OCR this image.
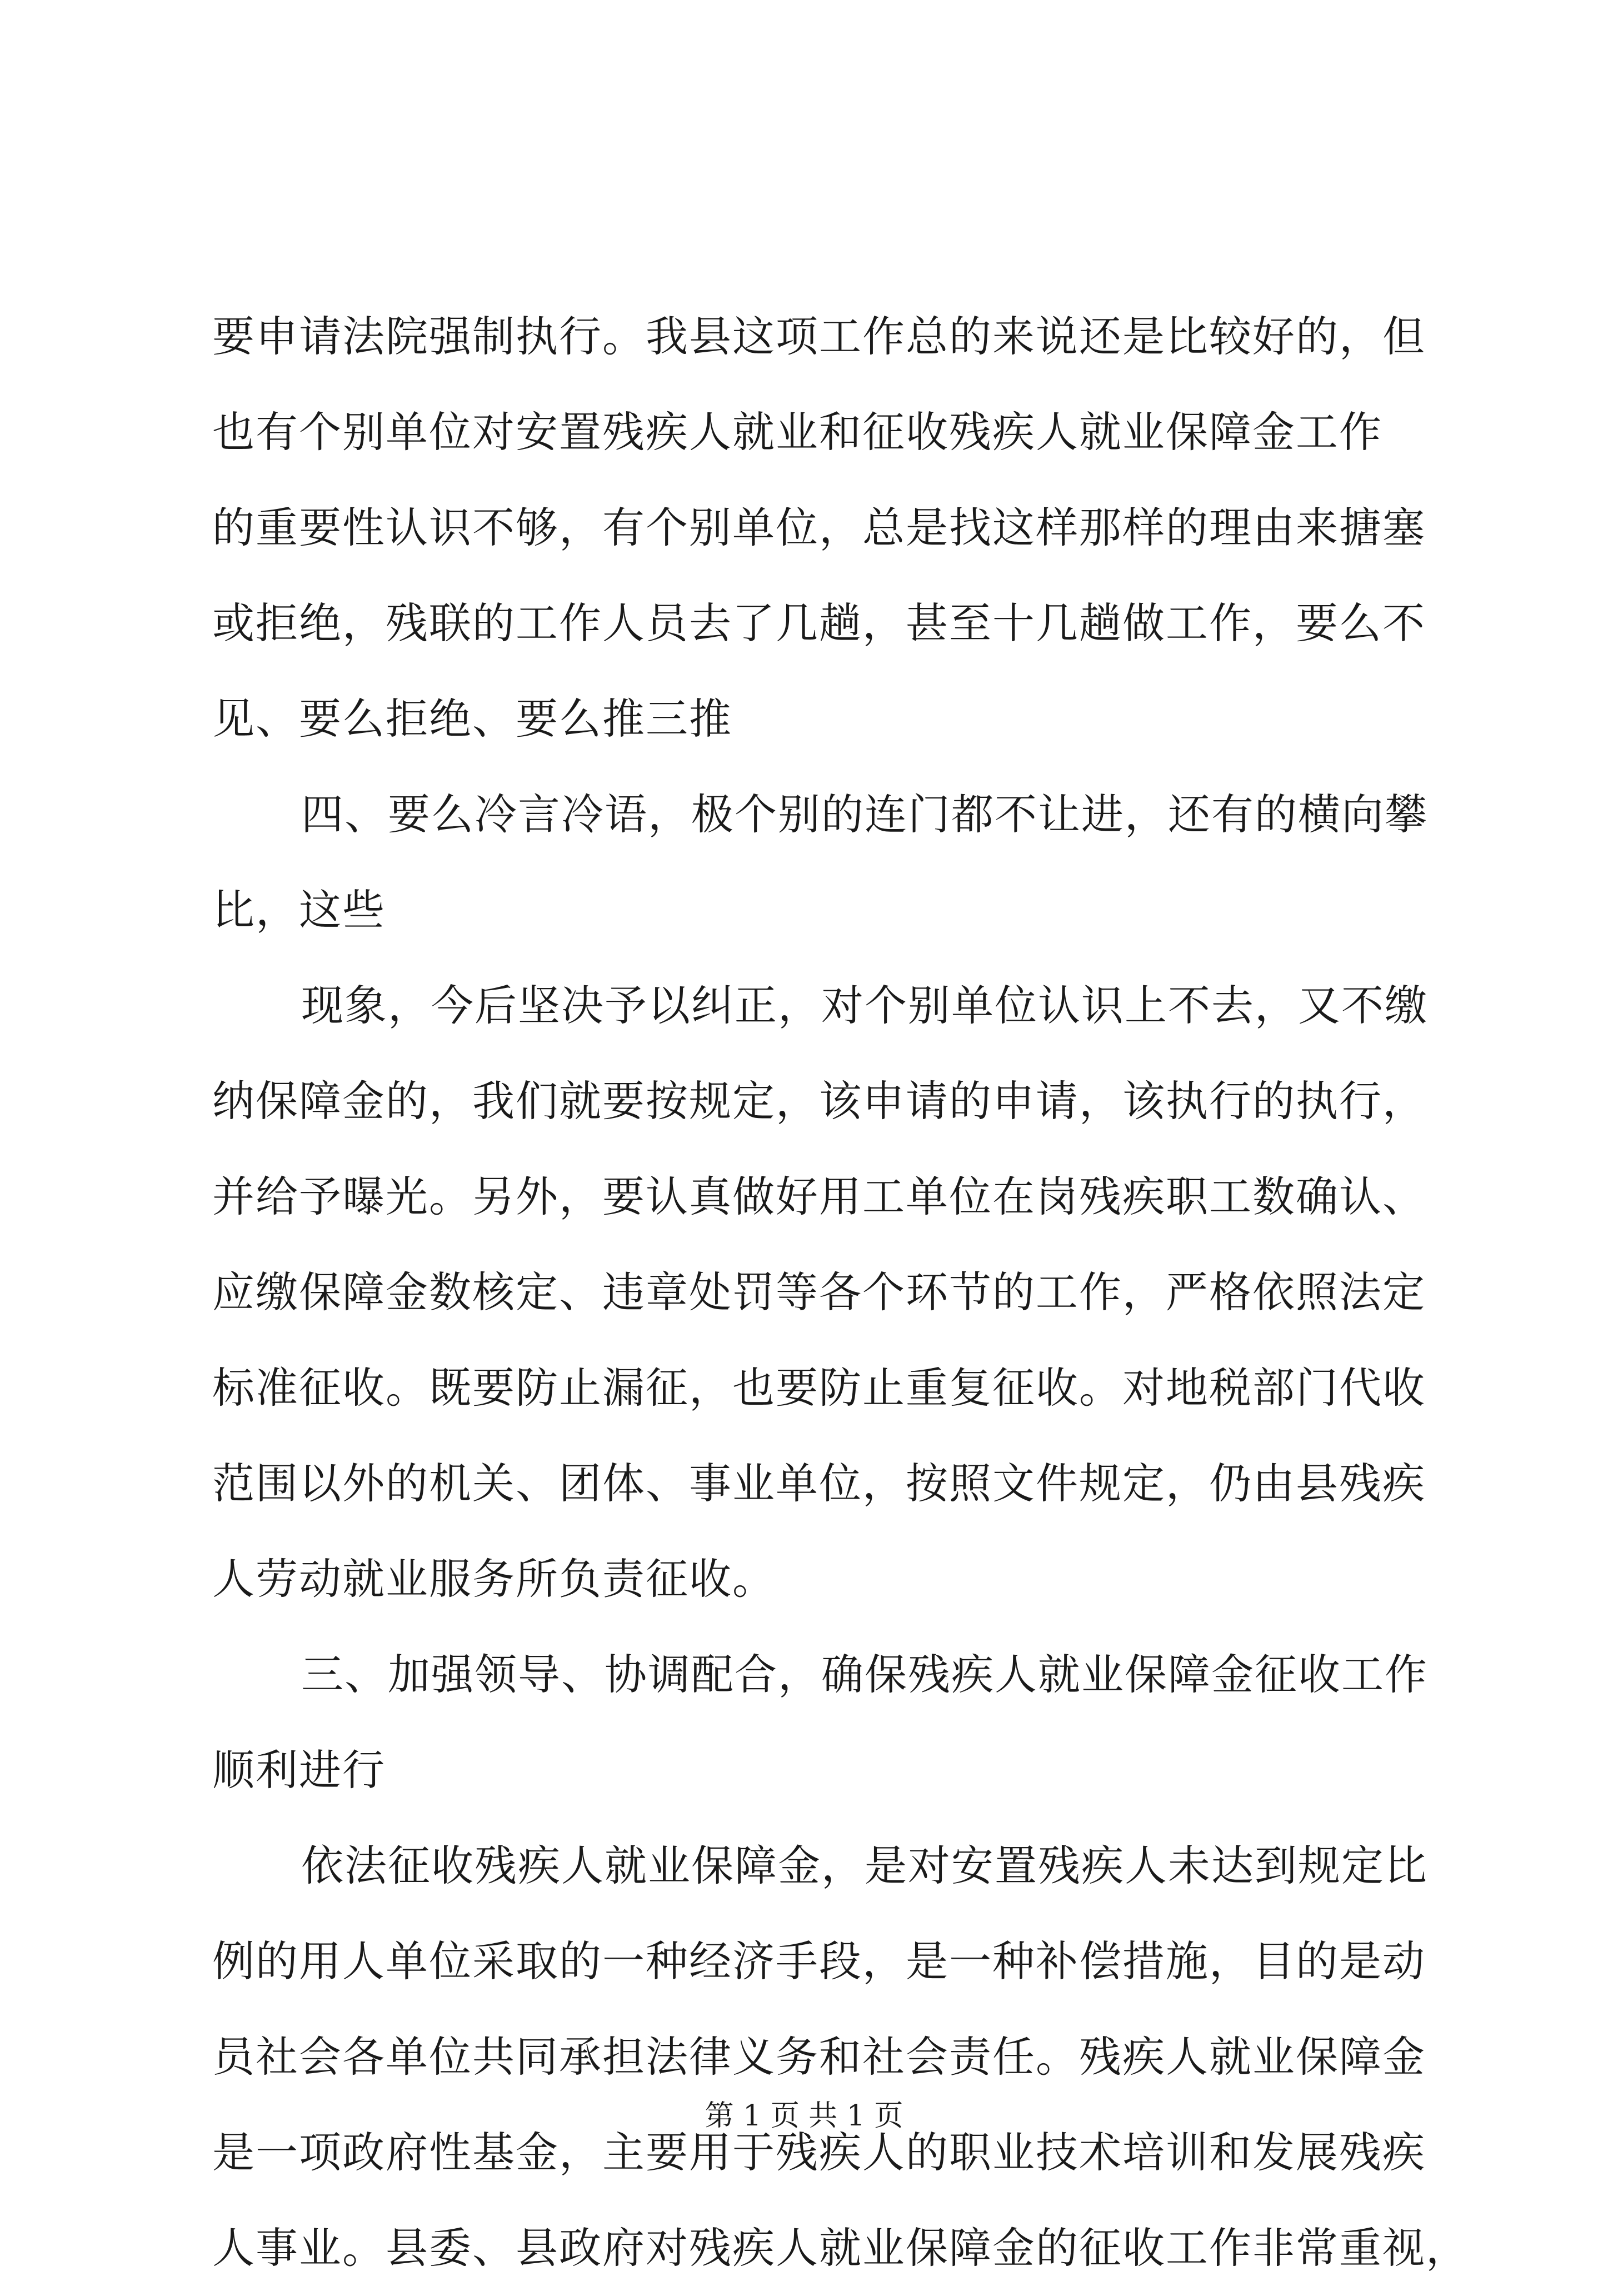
要申请法院强制执行。我县这项工作总的来说还是比较好的，但
也有个别单位对安置残疾人就业和征收残疾人就业保障金工作
的重要性认识不够，有个别单位，总是找这样那样的理由来搪塞
或拒绝，残联的工作人员去了几趟，甚至十几趟做工作，要么不
见、要么拒绝、要么推三推
四、要么冷言冷语，极个别的连门都不让进，还有的横向攀
比，这些
现象，今后坚决予以纠正，对个别单位认识上不去，又不缴
纳保障金的，我们就要按规定，该申请的申请，该执行的执行，
并给予曝光。另外，要认真做好用工单位在岗残疾职工数确认、
应缴保障金数核定、违章处罚等各个环节的工作，严格依照法定
标准征收。既要防止漏征，也要防止重复征收。对地税部门代收
范围以外的机关、团体、事业单位，按照文件规定，仍由县残疾
人劳动就业服务所负责征收。
三、加强领导、协调配合，确保残疾人就业保障金征收工作
顺利进行
依法征收残疾人就业保障金，是对安置残疾人未达到规定比
例的用人单位采取的一种经济手段，是一种补偿措施，目的是动
员社会各单位共同承担法律义务和社会责任。残疾人就业保障金
是一项政府性基金，主要用于残疾人的职业技术培训和发展残疾
人事业。县委、县政府对残疾人就业保障金的征收工作非常重视，
第 1 页 共 1 页
